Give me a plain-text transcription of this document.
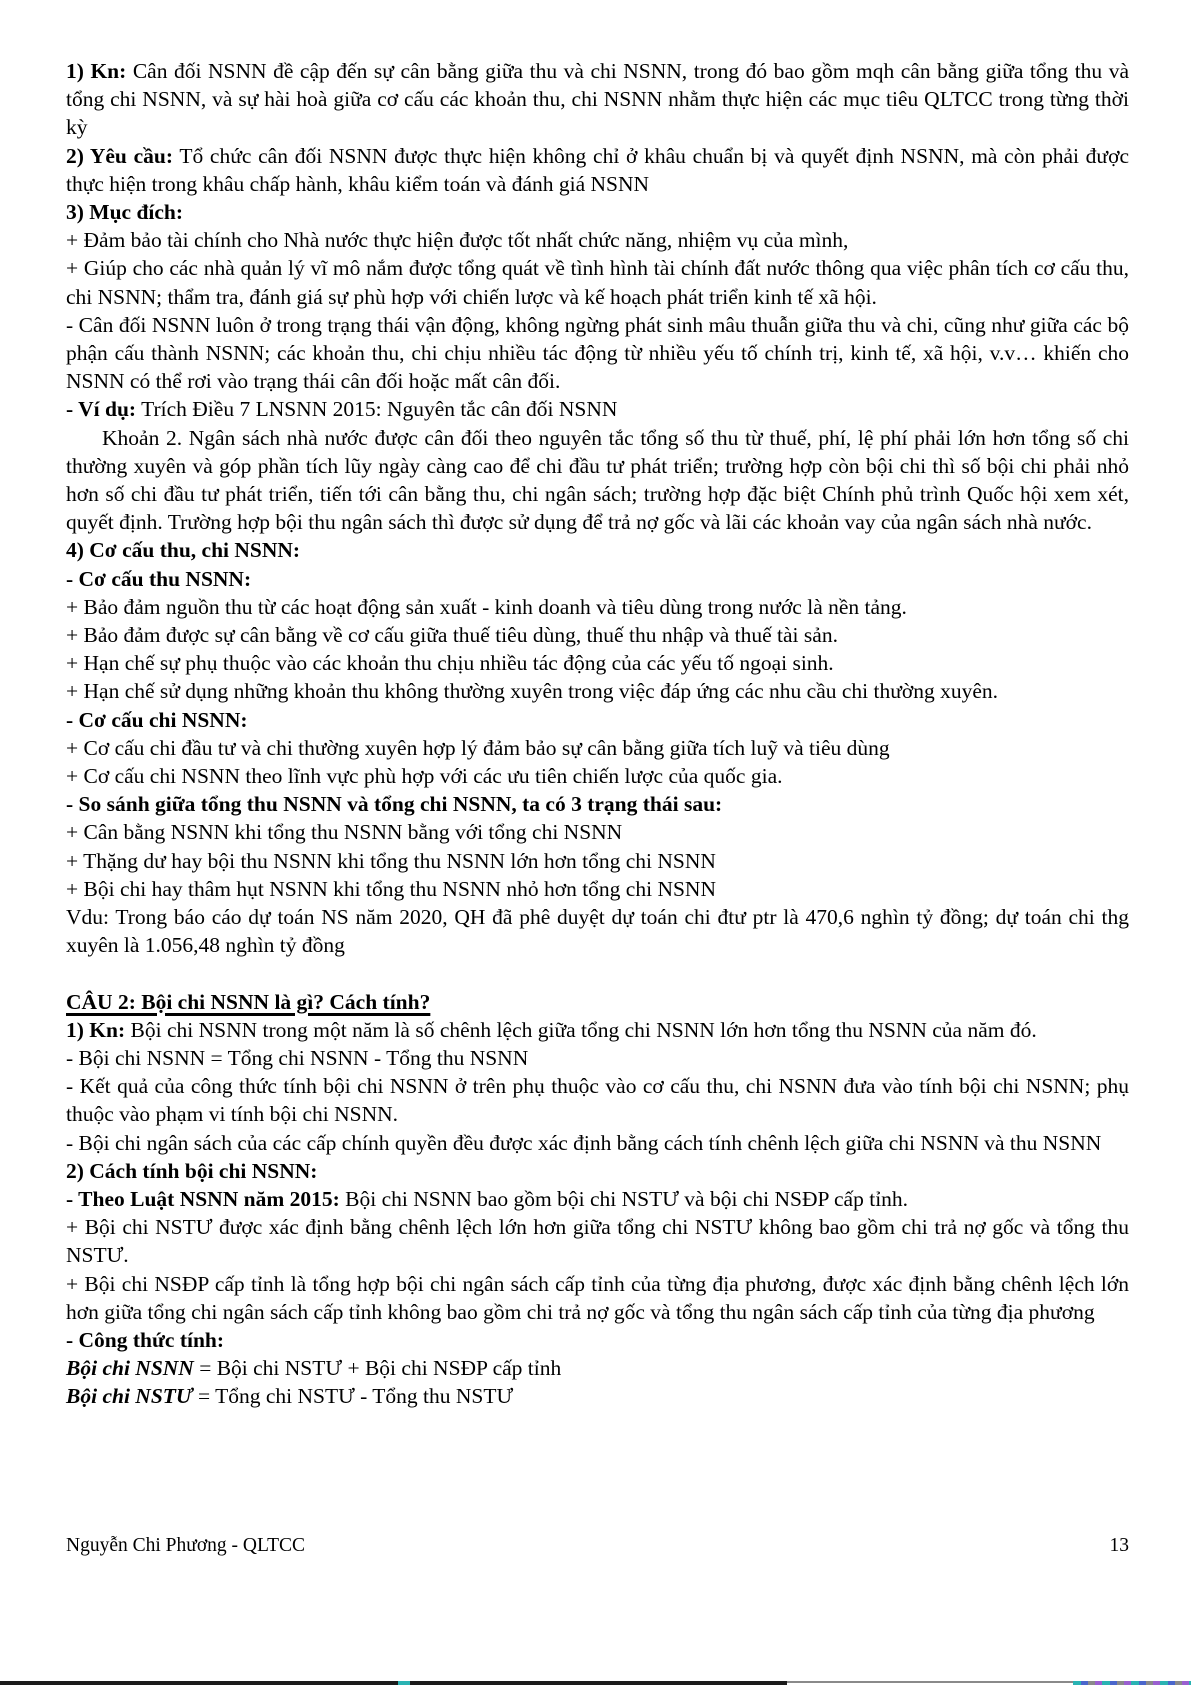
1) Kn: Cân đối NSNN đề cập đến sự cân bằng giữa thu và chi NSNN, trong đó bao gồm mqh cân bằng giữa tổng thu và tổng chi NSNN, và sự hài hoà giữa cơ cấu các khoản thu, chi NSNN nhằm thực hiện các mục tiêu QLTCC trong từng thời kỳ

2) Yêu cầu: Tổ chức cân đối NSNN được thực hiện không chỉ ở khâu chuẩn bị và quyết định NSNN, mà còn phải được thực hiện trong khâu chấp hành, khâu kiểm toán và đánh giá NSNN

3) Mục đích:

+ Đảm bảo tài chính cho Nhà nước thực hiện được tốt nhất chức năng, nhiệm vụ của mình,

+ Giúp cho các nhà quản lý vĩ mô nắm được tổng quát về tình hình tài chính đất nước thông qua việc phân tích cơ cấu thu, chi NSNN; thẩm tra, đánh giá sự phù hợp với chiến lược và kế hoạch phát triển kinh tế xã hội.

- Cân đối NSNN luôn ở trong trạng thái vận động, không ngừng phát sinh mâu thuẫn giữa thu và chi, cũng như giữa các bộ phận cấu thành NSNN; các khoản thu, chi chịu nhiều tác động từ nhiều yếu tố chính trị, kinh tế, xã hội, v.v… khiến cho NSNN có thể rơi vào trạng thái cân đối hoặc mất cân đối.

- Ví dụ: Trích Điều 7 LNSNN 2015: Nguyên tắc cân đối NSNN

Khoản 2. Ngân sách nhà nước được cân đối theo nguyên tắc tổng số thu từ thuế, phí, lệ phí phải lớn hơn tổng số chi thường xuyên và góp phần tích lũy ngày càng cao để chi đầu tư phát triển; trường hợp còn bội chi thì số bội chi phải nhỏ hơn số chi đầu tư phát triển, tiến tới cân bằng thu, chi ngân sách; trường hợp đặc biệt Chính phủ trình Quốc hội xem xét, quyết định. Trường hợp bội thu ngân sách thì được sử dụng để trả nợ gốc và lãi các khoản vay của ngân sách nhà nước.

4) Cơ cấu thu, chi NSNN:

- Cơ cấu thu NSNN:

+ Bảo đảm nguồn thu từ các hoạt động sản xuất - kinh doanh và tiêu dùng trong nước là nền tảng.

+ Bảo đảm được sự cân bằng về cơ cấu giữa thuế tiêu dùng, thuế thu nhập và thuế tài sản.

+ Hạn chế sự phụ thuộc vào các khoản thu chịu nhiều tác động của các yếu tố ngoại sinh.

+ Hạn chế sử dụng những khoản thu không thường xuyên trong việc đáp ứng các nhu cầu chi thường xuyên.

- Cơ cấu chi NSNN:

+ Cơ cấu chi đầu tư và chi thường xuyên hợp lý đảm bảo sự cân bằng giữa tích luỹ và tiêu dùng

+ Cơ cấu chi NSNN theo lĩnh vực phù hợp với các ưu tiên chiến lược của quốc gia.

- So sánh giữa tổng thu NSNN và tổng chi NSNN, ta có 3 trạng thái sau:

+ Cân bằng NSNN khi tổng thu NSNN bằng với tổng chi NSNN

+ Thặng dư hay bội thu NSNN khi tổng thu NSNN lớn hơn tổng chi NSNN

+ Bội chi hay thâm hụt NSNN khi tổng thu NSNN nhỏ hơn tổng chi NSNN

Vdu: Trong báo cáo dự toán NS năm 2020, QH đã phê duyệt dự toán chi đtư ptr là 470,6 nghìn tỷ đồng; dự toán chi thg xuyên là 1.056,48 nghìn tỷ đồng

CÂU 2: Bội chi NSNN là gì? Cách tính?

1) Kn: Bội chi NSNN trong một năm là số chênh lệch giữa tổng chi NSNN lớn hơn tổng thu NSNN của năm đó.

- Bội chi NSNN = Tổng chi NSNN - Tổng thu NSNN

- Kết quả của công thức tính bội chi NSNN ở trên phụ thuộc vào cơ cấu thu, chi NSNN đưa vào tính bội chi NSNN; phụ thuộc vào phạm vi tính bội chi NSNN.

- Bội chi ngân sách của các cấp chính quyền đều được xác định bằng cách tính chênh lệch giữa chi NSNN và thu NSNN

2) Cách tính bội chi NSNN:

- Theo Luật NSNN năm 2015: Bội chi NSNN bao gồm bội chi NSTƯ và bội chi NSĐP cấp tỉnh.

+ Bội chi NSTƯ được xác định bằng chênh lệch lớn hơn giữa tổng chi NSTƯ không bao gồm chi trả nợ gốc và tổng thu NSTƯ.

+ Bội chi NSĐP cấp tỉnh là tổng hợp bội chi ngân sách cấp tỉnh của từng địa phương, được xác định bằng chênh lệch lớn hơn giữa tổng chi ngân sách cấp tỉnh không bao gồm chi trả nợ gốc và tổng thu ngân sách cấp tỉnh của từng địa phương

- Công thức tính:

Bội chi NSNN = Bội chi NSTƯ + Bội chi NSĐP cấp tỉnh

Bội chi NSTƯ = Tổng chi NSTƯ - Tổng thu NSTƯ

Nguyễn Chi Phương - QLTCC	13
